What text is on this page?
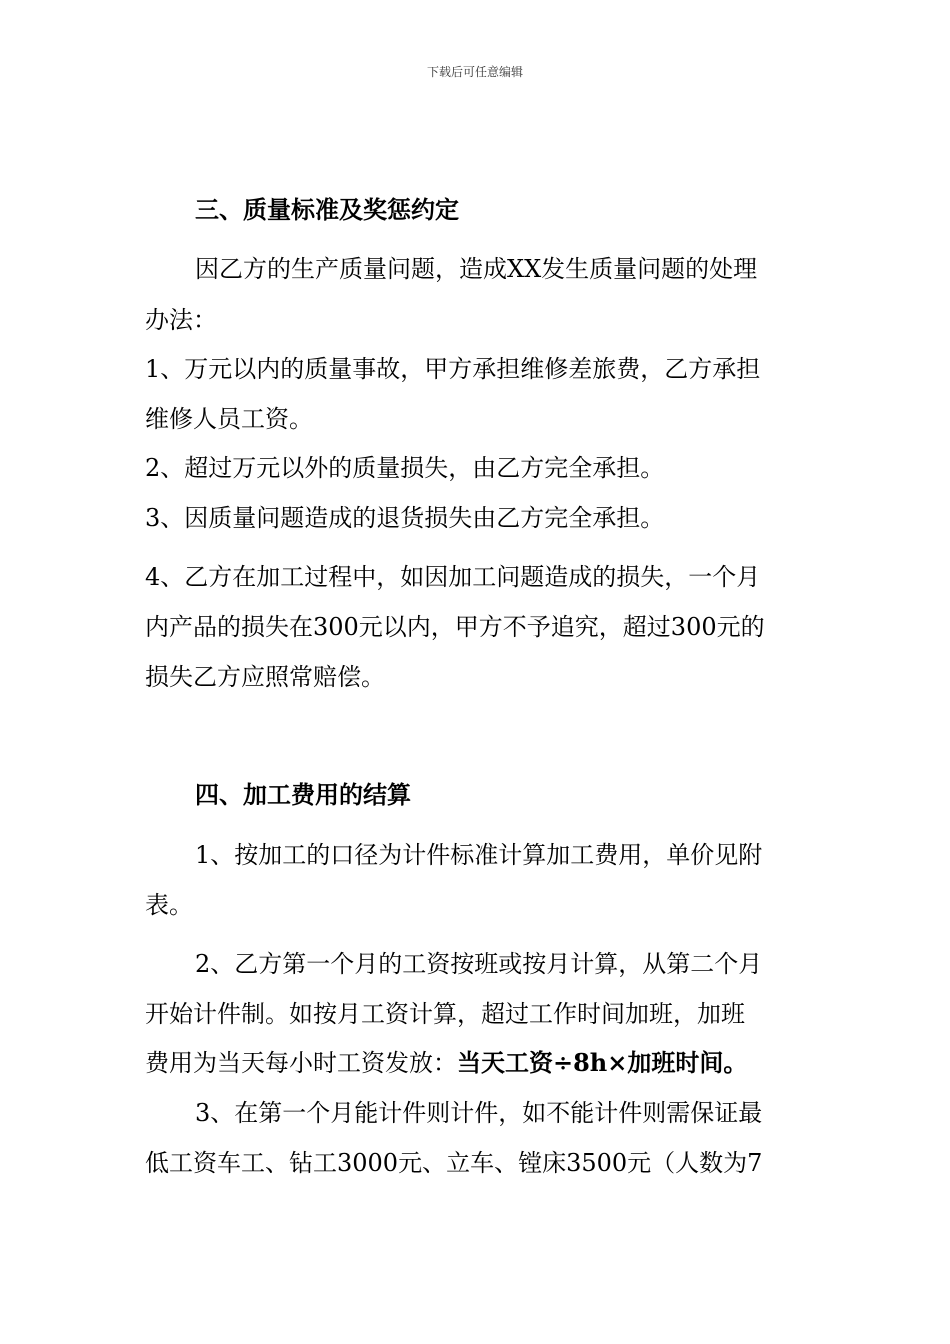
下载后可任意编辑
三、质量标准及奖惩约定
因乙方的生产质量问题，造成XX发生质量问题的处理
办法：
1、万元以内的质量事故，甲方承担维修差旅费，乙方承担
维修人员工资。
2、超过万元以外的质量损失，由乙方完全承担。
3、因质量问题造成的退货损失由乙方完全承担。
4、乙方在加工过程中，如因加工问题造成的损失，一个月
内产品的损失在300元以内，甲方不予追究，超过300元的
损失乙方应照常赔偿。
四、加工费用的结算
1、按加工的口径为计件标准计算加工费用，单价见附
表。
2、乙方第一个月的工资按班或按月计算，从第二个月
开始计件制。如按月工资计算，超过工作时间加班，加班
费用为当天每小时工资发放：当天工资÷8h×加班时间。
3、在第一个月能计件则计件，如不能计件则需保证最
低工资车工、钻工3000元、立车、镗床3500元（人数为7
